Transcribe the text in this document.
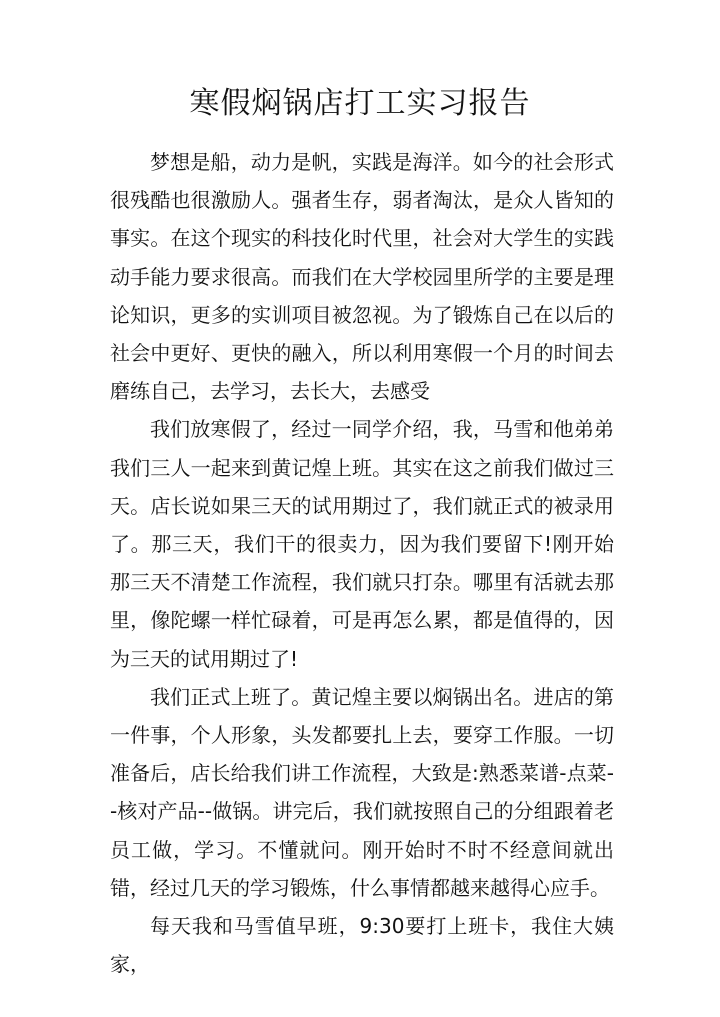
寒假焖锅店打工实习报告

梦想是船，动力是帆，实践是海洋。如今的社会形式很残酷也很激励人。强者生存，弱者淘汰，是众人皆知的事实。在这个现实的科技化时代里，社会对大学生的实践动手能力要求很高。而我们在大学校园里所学的主要是理论知识，更多的实训项目被忽视。为了锻炼自己在以后的社会中更好、更快的融入，所以利用寒假一个月的时间去磨练自己，去学习，去长大，去感受

我们放寒假了，经过一同学介绍，我，马雪和他弟弟我们三人一起来到黄记煌上班。其实在这之前我们做过三天。店长说如果三天的试用期过了，我们就正式的被录用了。那三天，我们干的很卖力，因为我们要留下!刚开始那三天不清楚工作流程，我们就只打杂。哪里有活就去那里，像陀螺一样忙碌着，可是再怎么累，都是值得的，因为三天的试用期过了!

我们正式上班了。黄记煌主要以焖锅出名。进店的第一件事，个人形象，头发都要扎上去，要穿工作服。一切准备后，店长给我们讲工作流程，大致是:熟悉菜谱-点菜--核对产品--做锅。讲完后，我们就按照自己的分组跟着老员工做，学习。不懂就问。刚开始时不时不经意间就出错，经过几天的学习锻炼，什么事情都越来越得心应手。

每天我和马雪值早班，9:30要打上班卡，我住大姨家，
